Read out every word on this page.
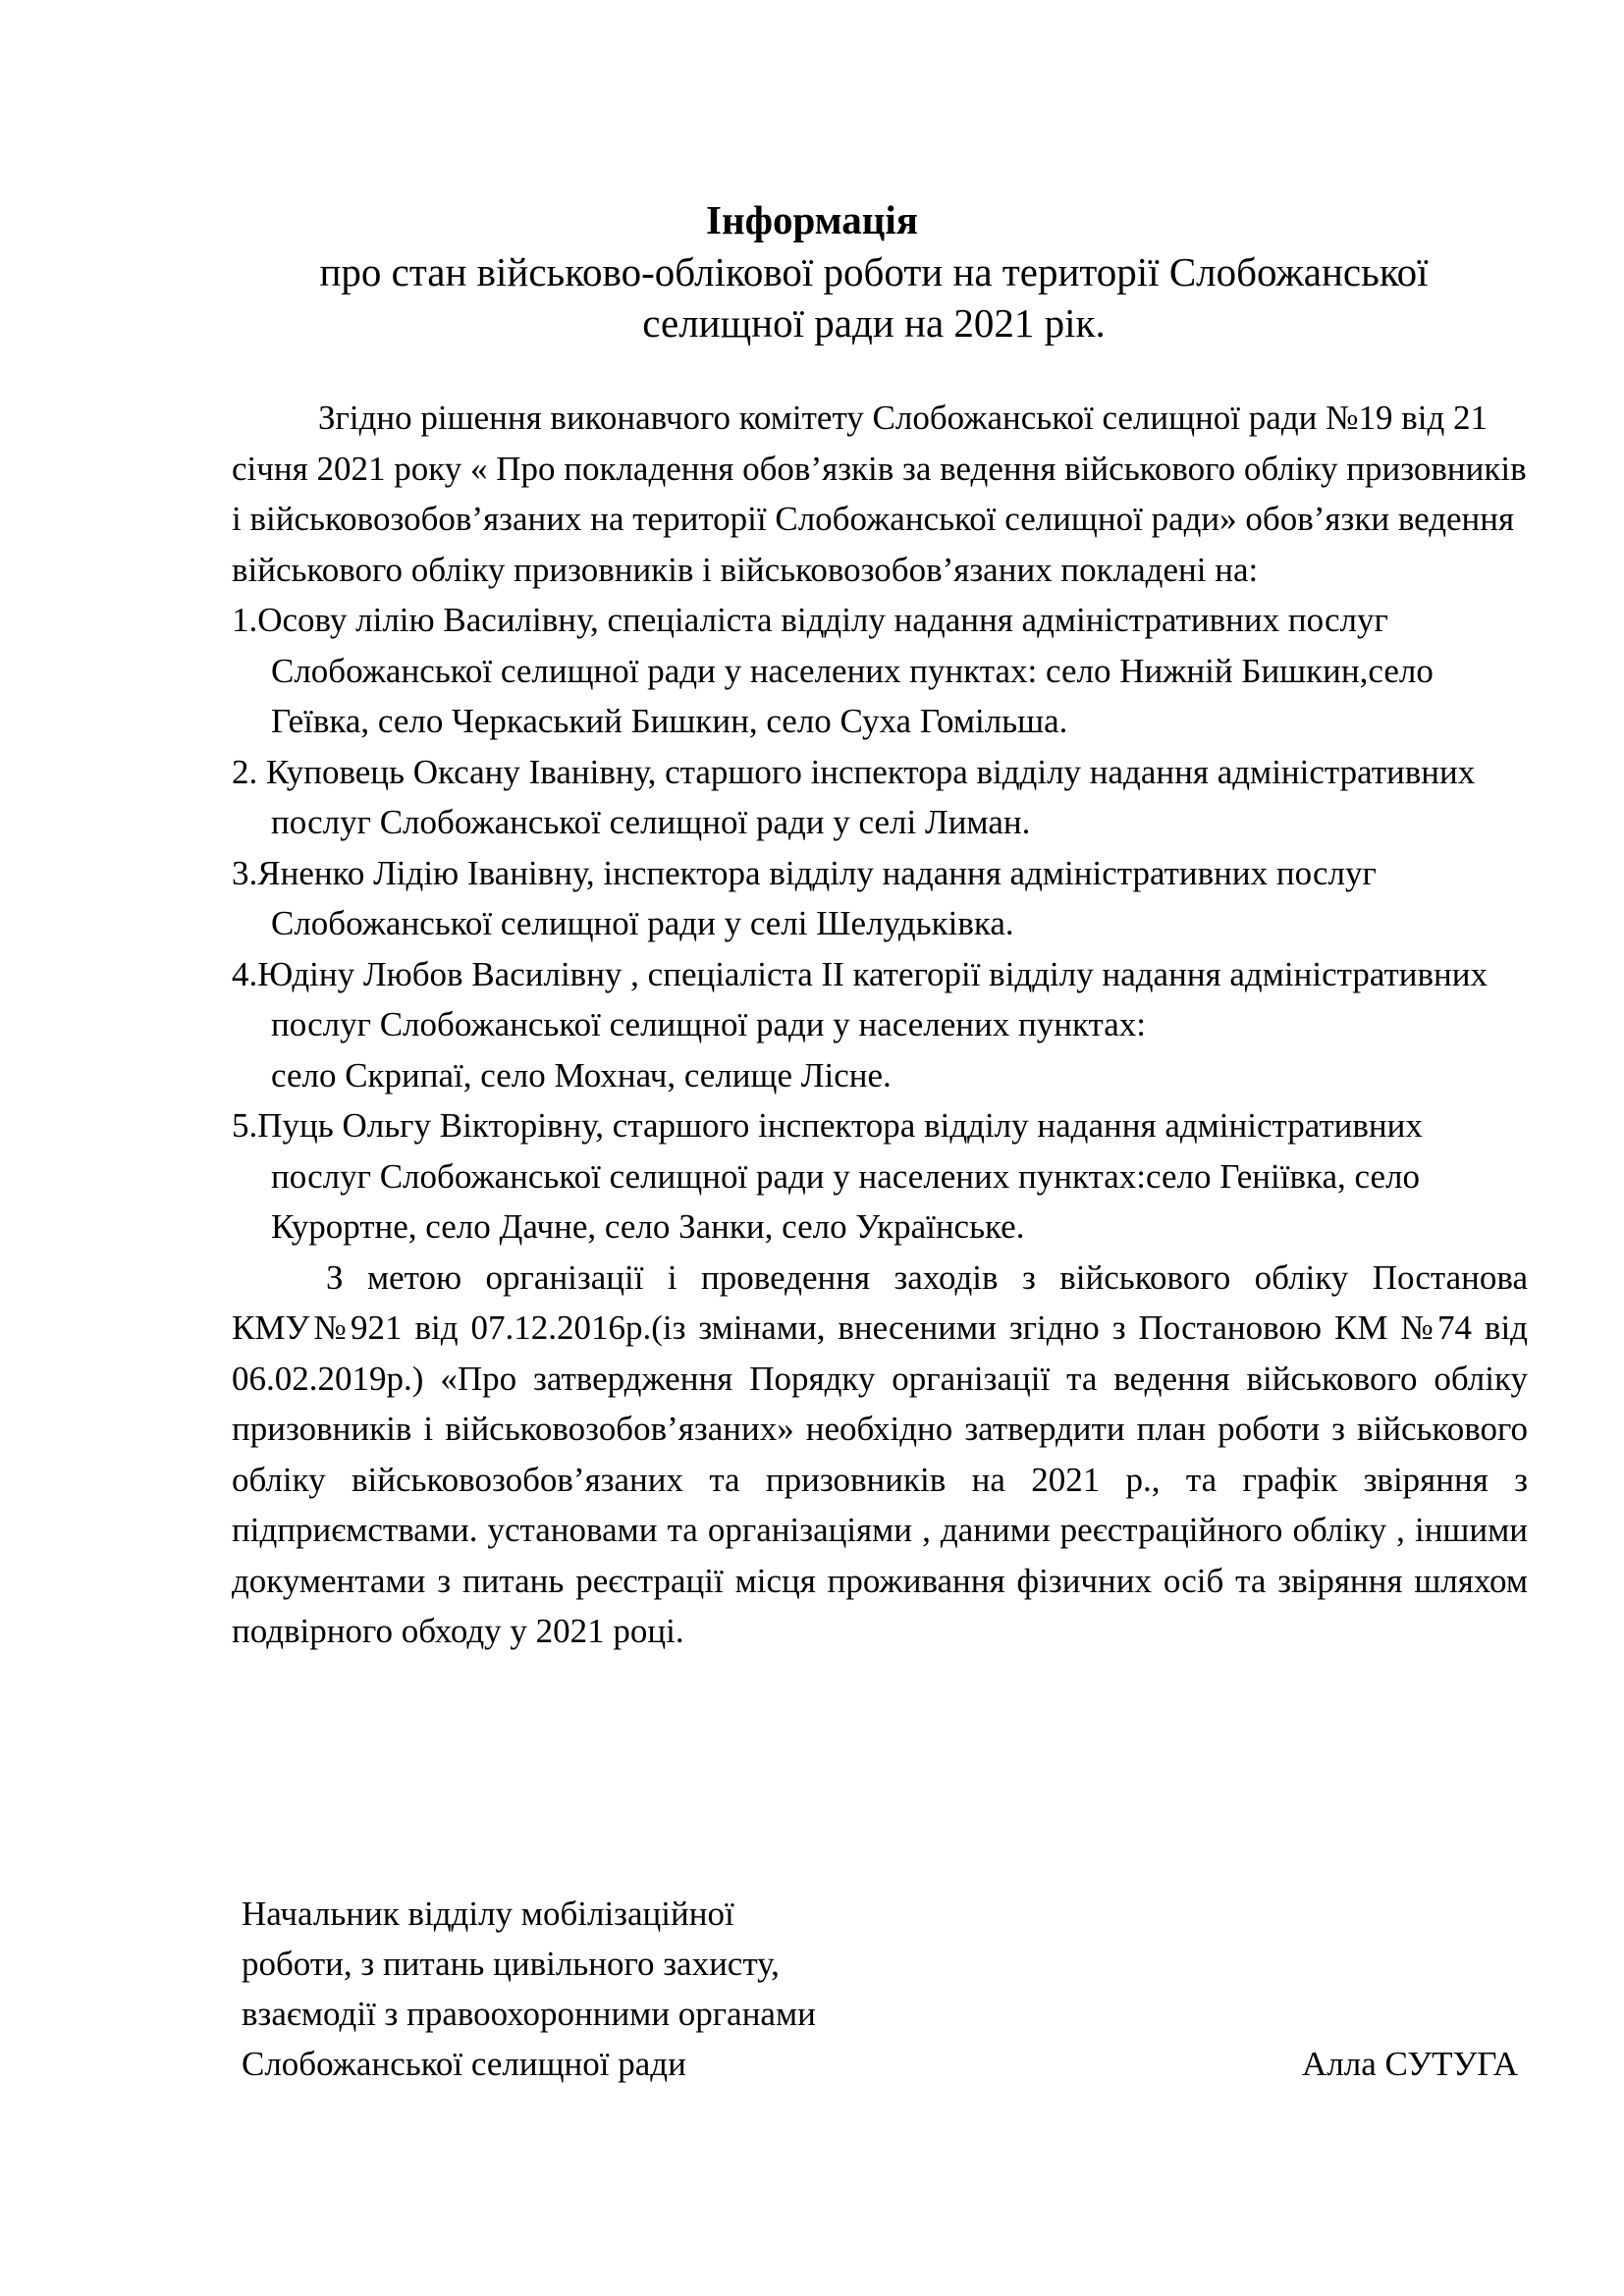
Інформація
про стан військово-облікової роботи на території Слобожанської
селищної ради на 2021 рік.

Згідно рішення виконавчого комітету Слобожанської селищної ради №19 від 21 січня 2021 року « Про покладення обов’язків за ведення військового обліку призовників і військовозобов’язаних на території Слобожанської селищної ради» обов’язки ведення військового обліку призовників і військовозобов’язаних покладені на:

1.Осову лілію Василівну, спеціаліста відділу надання адміністративних послуг Слобожанської селищної ради у населених пунктах: село Нижній Бишкин,село Геївка, село Черкаський Бишкин, село Суха Гомільша.

2. Куповець Оксану Іванівну, старшого інспектора відділу надання адміністративних послуг Слобожанської селищної ради у селі Лиман.

3.Яненко Лідію Іванівну, інспектора відділу надання адміністративних послуг Слобожанської селищної ради у селі Шелудьківка.

4.Юдіну Любов Василівну , спеціаліста ІІ категорії відділу надання адміністративних послуг Слобожанської селищної ради у населених пунктах:

село Скрипаї, село Мохнач, селище Лісне.

5.Пуць Ольгу Вікторівну, старшого інспектора відділу надання адміністративних послуг Слобожанської селищної ради у населених пунктах:село Геніївка, село Курортне, село Дачне, село Занки, село Українське.

З метою організації і проведення заходів з військового обліку Постанова КМУ№921 від 07.12.2016р.(із змінами, внесеними згідно з Постановою КМ №74 від 06.02.2019р.) «Про затвердження Порядку організації та ведення військового обліку призовників і військовозобов’язаних» необхідно затвердити план роботи з військового обліку військовозобов’язаних та призовників на 2021 р., та графік звіряння з підприємствами. установами та організаціями , даними реєстраційного обліку , іншими документами з питань реєстрації місця проживання фізичних осіб та звіряння шляхом подвірного обходу у 2021 році.

Начальник відділу мобілізаційної

роботи, з питань цивільного захисту,

взаємодії з правоохоронними органами

Слобожанської селищної ради	Алла СУТУГА
